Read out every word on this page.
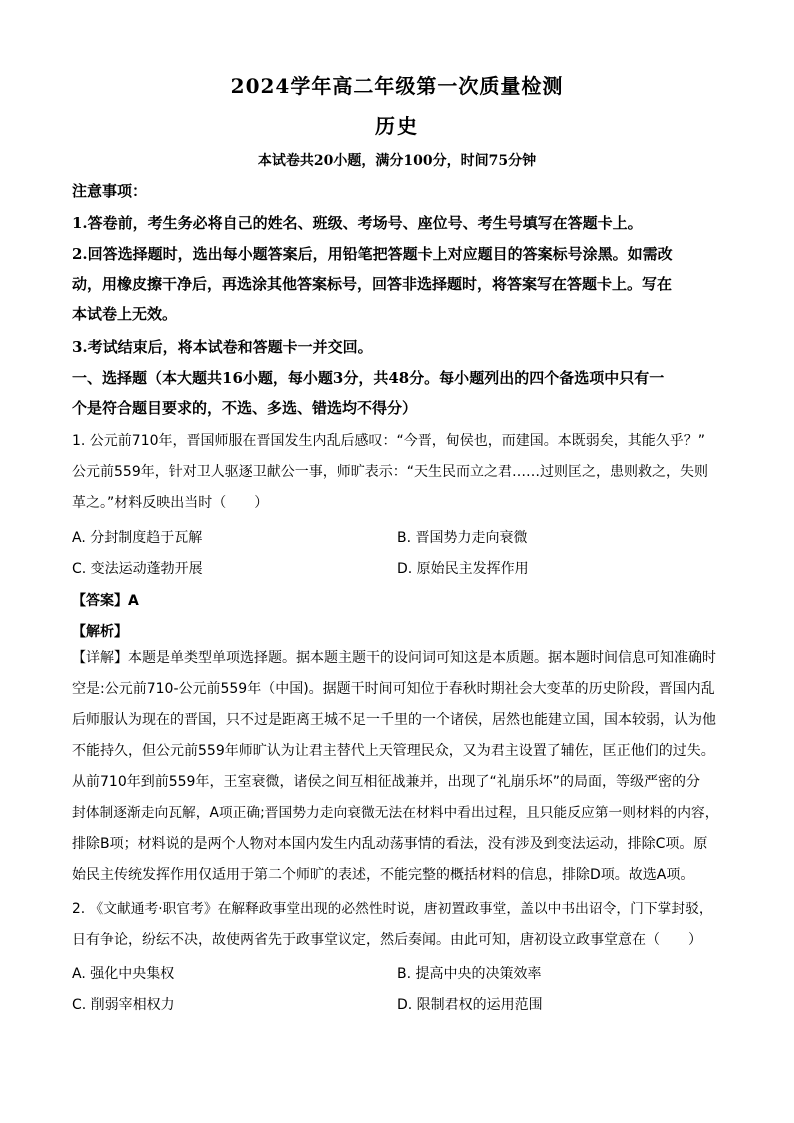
2024学年高二年级第一次质量检测
历史
本试卷共20小题，满分100分，时间75分钟
注意事项：
1.答卷前，考生务必将自己的姓名、班级、考场号、座位号、考生号填写在答题卡上。
2.回答选择题时，选出每小题答案后，用铅笔把答题卡上对应题目的答案标号涂黑。如需改
动，用橡皮擦干净后，再选涂其他答案标号，回答非选择题时，将答案写在答题卡上。写在
本试卷上无效。
3.考试结束后，将本试卷和答题卡一并交回。
一、选择题（本大题共16小题，每小题3分，共48分。每小题列出的四个备选项中只有一
个是符合题目要求的，不选、多选、错选均不得分）
1. 公元前710年，晋国师服在晋国发生内乱后感叹：“今晋，甸侯也，而建国。本既弱矣，其能久乎？”
公元前559年，针对卫人驱逐卫献公一事，师旷表示：“天生民而立之君……过则匡之，患则救之，失则
革之。”材料反映出当时（　　）
A. 分封制度趋于瓦解	B. 晋国势力走向衰微
C. 变法运动蓬勃开展	D. 原始民主发挥作用
【答案】A
【解析】
【详解】本题是单类型单项选择题。据本题主题干的设问词可知这是本质题。据本题时间信息可知准确时
空是:公元前710-公元前559年（中国)。据题干时间可知位于春秋时期社会大变革的历史阶段，晋国内乱
后师服认为现在的晋国，只不过是距离王城不足一千里的一个诸侯，居然也能建立国，国本较弱，认为他
不能持久，但公元前559年师旷认为让君主替代上天管理民众，又为君主设置了辅佐，匡正他们的过失。
从前710年到前559年，王室衰微，诸侯之间互相征战兼并，出现了“礼崩乐坏”的局面，等级严密的分
封体制逐渐走向瓦解，A项正确;晋国势力走向衰微无法在材料中看出过程，且只能反应第一则材料的内容，
排除B项；材料说的是两个人物对本国内发生内乱动荡事情的看法，没有涉及到变法运动，排除C项。原
始民主传统发挥作用仅适用于第二个师旷的表述，不能完整的概括材料的信息，排除D项。故选A项。
2. 《文献通考·职官考》在解释政事堂出现的必然性时说，唐初置政事堂，盖以中书出诏令，门下掌封驳，
日有争论，纷纭不决，故使两省先于政事堂议定，然后奏闻。由此可知，唐初设立政事堂意在（　　）
A. 强化中央集权	B. 提高中央的决策效率
C. 削弱宰相权力	D. 限制君权的运用范围
